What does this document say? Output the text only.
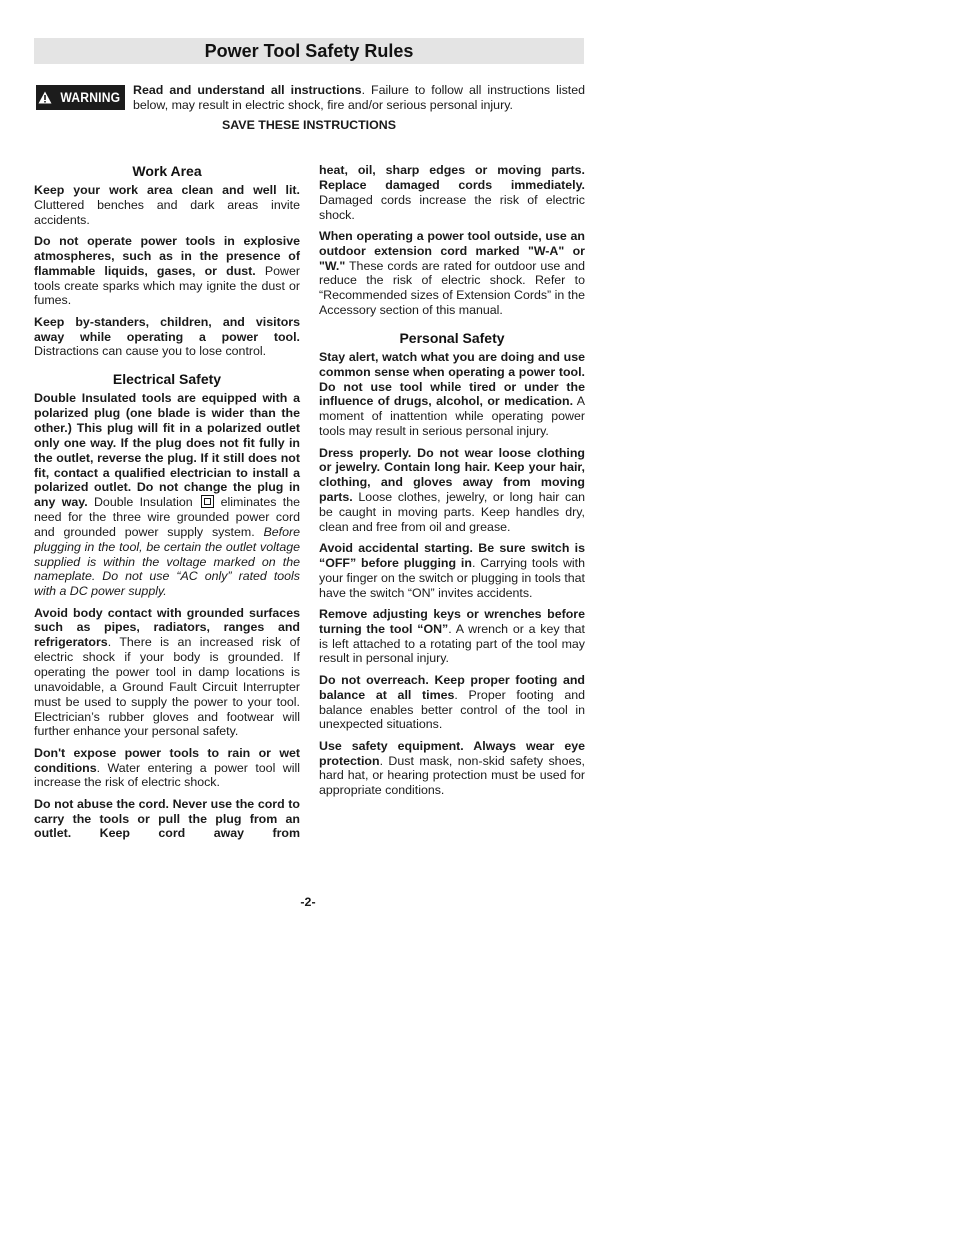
Power Tool Safety Rules
WARNING Read and understand all instructions. Failure to follow all instructions listed below, may result in electric shock, fire and/or serious personal injury.
SAVE THESE INSTRUCTIONS
Work Area

Keep your work area clean and well lit. Cluttered benches and dark areas invite accidents.

Do not operate power tools in explosive atmospheres, such as in the presence of flammable liquids, gases, or dust. Power tools create sparks which may ignite the dust or fumes.

Keep by-standers, children, and visitors away while operating a power tool. Distractions can cause you to lose control.

Electrical Safety

Double Insulated tools are equipped with a polarized plug (one blade is wider than the other.) This plug will fit in a polarized outlet only one way. If the plug does not fit fully in the outlet, reverse the plug. If it still does not fit, contact a qualified electrician to install a polarized outlet. Do not change the plug in any way. Double Insulation eliminates the need for the three wire grounded power cord and grounded power supply system. Before plugging in the tool, be certain the outlet voltage supplied is within the voltage marked on the nameplate. Do not use “AC only” rated tools with a DC power supply.

Avoid body contact with grounded surfaces such as pipes, radiators, ranges and refrigerators. There is an increased risk of electric shock if your body is grounded. If operating the power tool in damp locations is unavoidable, a Ground Fault Circuit Interrupter must be used to supply the power to your tool. Electrician’s rubber gloves and footwear will further enhance your personal safety.

Don't expose power tools to rain or wet conditions. Water entering a power tool will increase the risk of electric shock.

Do not abuse the cord. Never use the cord to carry the tools or pull the plug from an outlet. Keep cord away from

heat, oil, sharp edges or moving parts. Replace damaged cords immediately. Damaged cords increase the risk of electric shock.

When operating a power tool outside, use an outdoor extension cord marked "W-A" or "W." These cords are rated for outdoor use and reduce the risk of electric shock. Refer to “Recommended sizes of Extension Cords” in the Accessory section of this manual.

Personal Safety

Stay alert, watch what you are doing and use common sense when operating a power tool. Do not use tool while tired or under the influence of drugs, alcohol, or medication. A moment of inattention while operating power tools may result in serious personal injury.

Dress properly. Do not wear loose clothing or jewelry. Contain long hair. Keep your hair, clothing, and gloves away from moving parts. Loose clothes, jewelry, or long hair can be caught in moving parts. Keep handles dry, clean and free from oil and grease.

Avoid accidental starting. Be sure switch is “OFF” before plugging in. Carrying tools with your finger on the switch or plugging in tools that have the switch “ON” invites accidents.

Remove adjusting keys or wrenches before turning the tool “ON”. A wrench or a key that is left attached to a rotating part of the tool may result in personal injury.

Do not overreach. Keep proper footing and balance at all times. Proper footing and balance enables better control of the tool in unexpected situations.

Use safety equipment. Always wear eye protection. Dust mask, non-skid safety shoes, hard hat, or hearing protection must be used for appropriate conditions.

-2-
